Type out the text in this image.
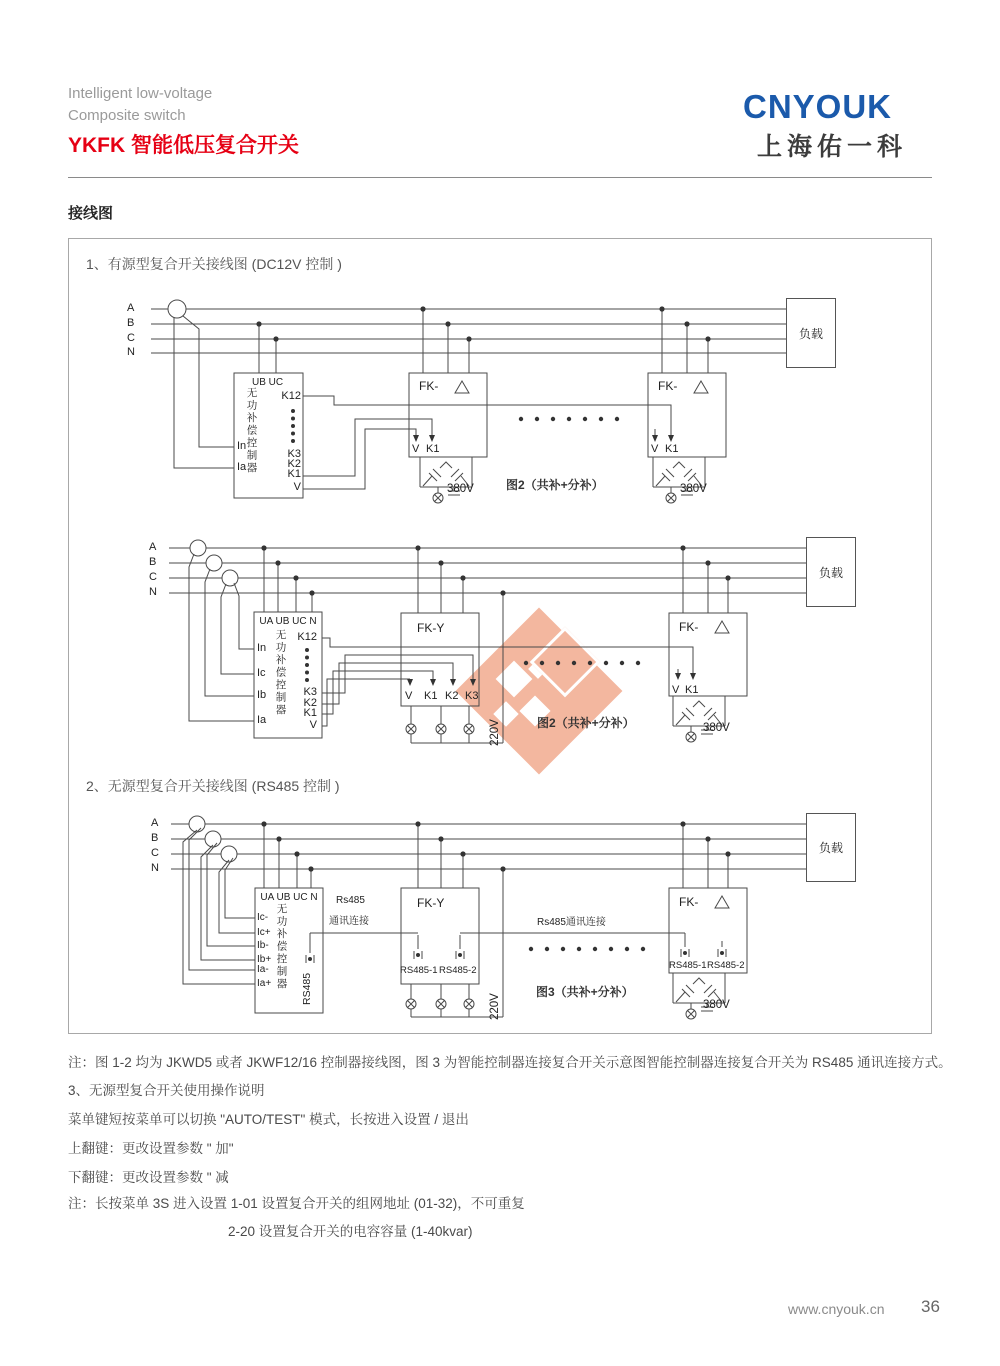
Intelligent low-voltage
Composite switch
YKFK 智能低压复合开关
CNYOUK
上海佑一科
接线图
1、有源型复合开关接线图 (DC12V 控制 )
A
B
C
N
UB UC
无功补偿控制器
In
Ia
K12
K3
K2
K1
V
FK-
V K1
380V	图2（共补+分补）
FK-
V K1
380V
负载
A
B
C
N
UA UB UC N
无功补偿控制器
In
Ic
Ib
Ia
K12
K3
K2
K1
V
FK-Y
V K1 K2 K3
220V	图2（共补+分补）
FK-
V K1
380V
负载
2、无源型复合开关接线图 (RS485 控制 )
A
B
C
N
UA UB UC N
无功补偿控制器
Ic-
Ic+
Ib-
Ib+
Ia-
Ia+	RS485
Rs485
通讯连接
FK-Y
RS485-1 RS485-2
220V
Rs485通讯连接
图3（共补+分补）
FK-
RS485-1 RS485-2
380V
负载
注：图 1-2 均为 JKWD5 或者 JKWF12/16 控制器接线图，图 3 为智能控制器连接复合开关示意图智能控制器连接复合开关为 RS485 通讯连接方式。
3、无源型复合开关使用操作说明
菜单键短按菜单可以切换 "AUTO/TEST" 模式，长按进入设置 / 退出
上翻键：更改设置参数 " 加"
下翻键：更改设置参数 " 减
注：长按菜单 3S 进入设置 1-01 设置复合开关的组网地址 (01-32)，不可重复
2-20 设置复合开关的电容容量 (1-40kvar)
www.cnyouk.cn 36
